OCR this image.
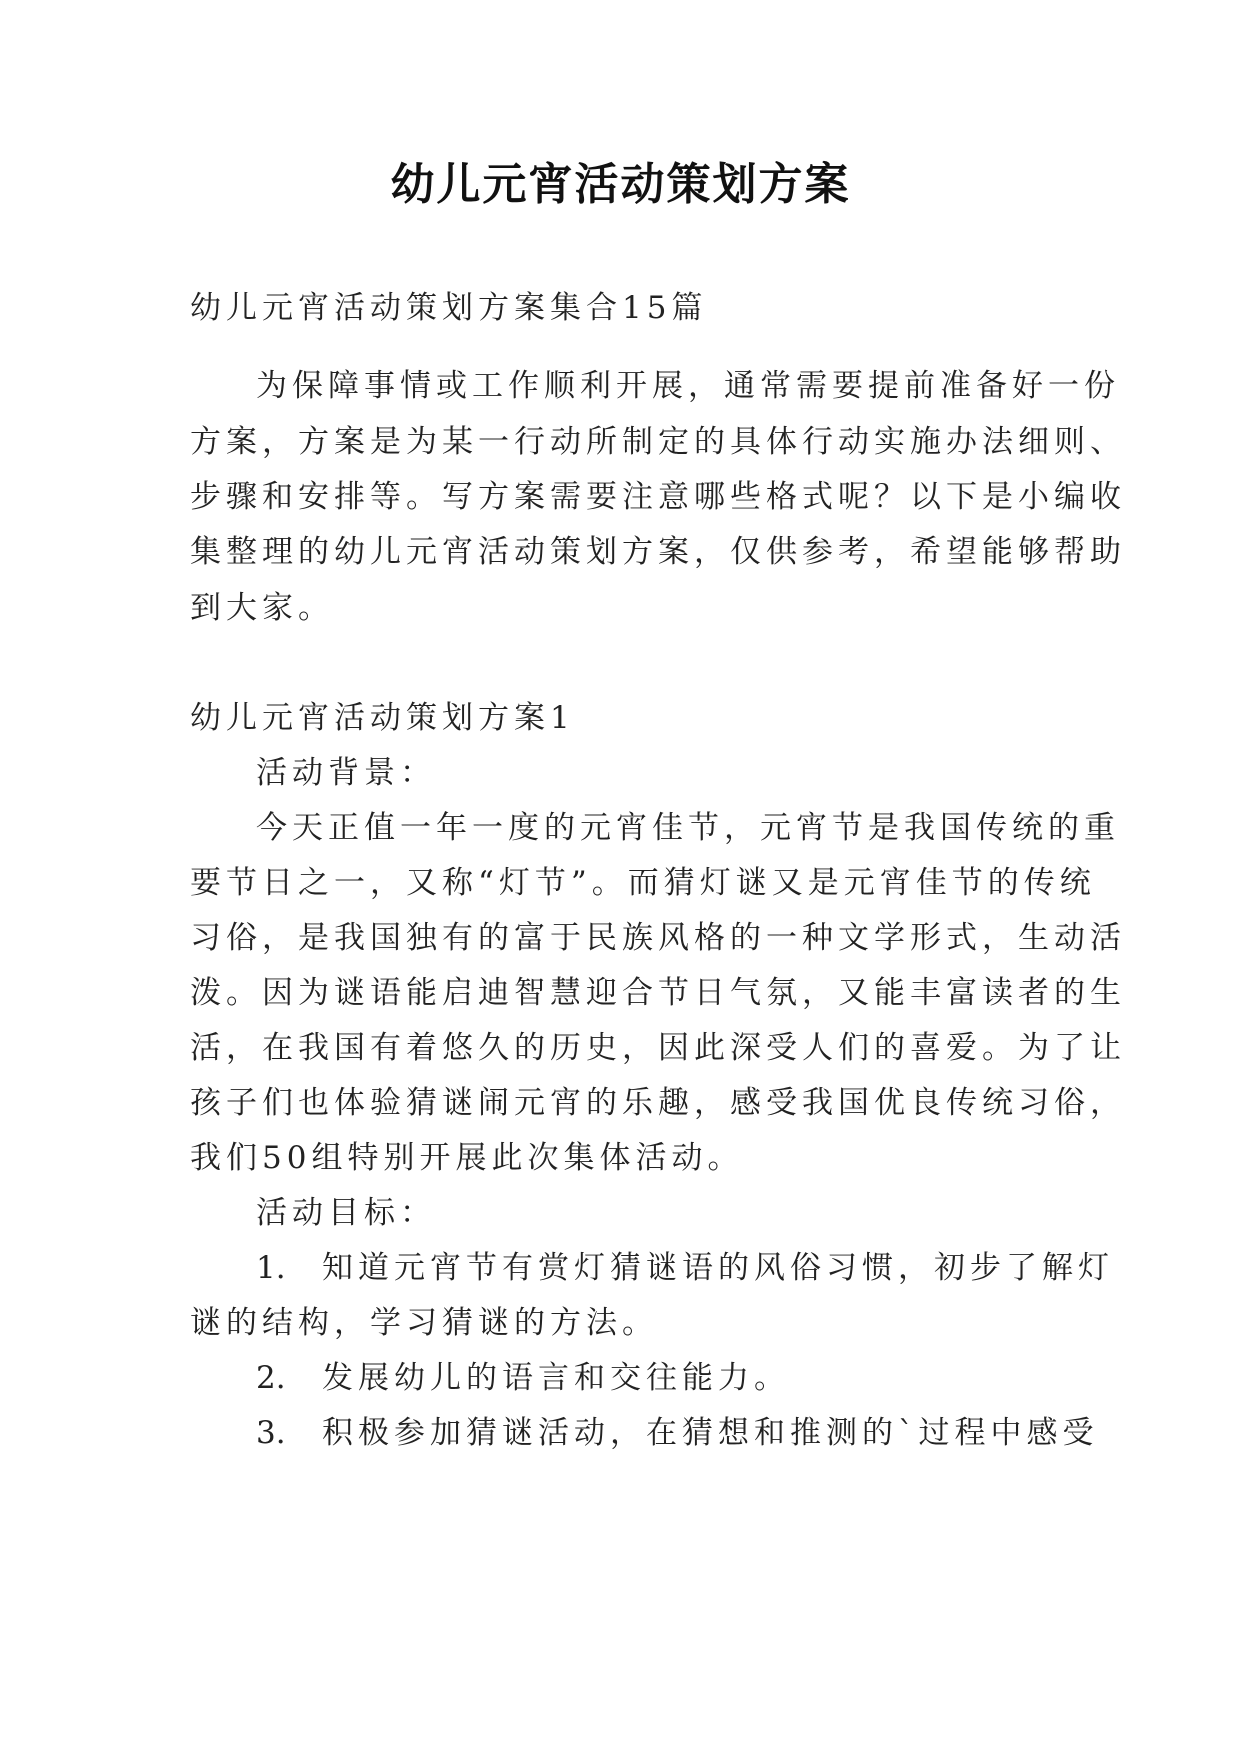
幼儿元宵活动策划方案

幼儿元宵活动策划方案集合15篇

为保障事情或工作顺利开展，通常需要提前准备好一份

方案，方案是为某一行动所制定的具体行动实施办法细则、

步骤和安排等。写方案需要注意哪些格式呢？以下是小编收

集整理的幼儿元宵活动策划方案，仅供参考，希望能够帮助

到大家。

幼儿元宵活动策划方案1

活动背景：

今天正值一年一度的元宵佳节，元宵节是我国传统的重

要节日之一，又称“灯节”。而猜灯谜又是元宵佳节的传统

习俗，是我国独有的富于民族风格的一种文学形式，生动活

泼。因为谜语能启迪智慧迎合节日气氛，又能丰富读者的生

活，在我国有着悠久的历史，因此深受人们的喜爱。为了让

孩子们也体验猜谜闹元宵的乐趣，感受我国优良传统习俗，

我们50组特别开展此次集体活动。

活动目标：

1. 知道元宵节有赏灯猜谜语的风俗习惯，初步了解灯

谜的结构，学习猜谜的方法。

2. 发展幼儿的语言和交往能力。

3. 积极参加猜谜活动，在猜想和推测的`过程中感受
